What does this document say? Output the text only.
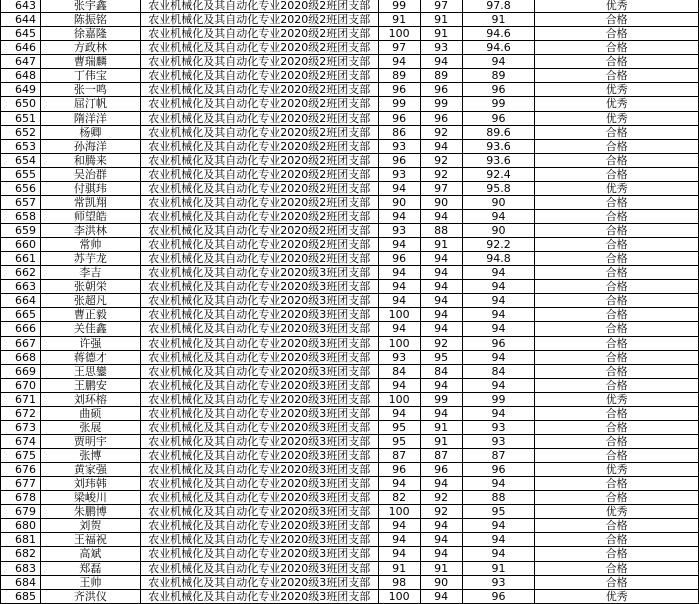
643	张宇鑫	农业机械化及其自动化专业2020级2班团支部	99	97	97.8	优秀
644	陈振铭	农业机械化及其自动化专业2020级2班团支部	91	91	91	合格
645	徐嘉隆	农业机械化及其自动化专业2020级2班团支部	100	91	94.6	合格
646	方政林	农业机械化及其自动化专业2020级2班团支部	97	93	94.6	合格
647	曹瑞麟	农业机械化及其自动化专业2020级2班团支部	94	94	94	合格
648	丁伟宝	农业机械化及其自动化专业2020级2班团支部	89	89	89	合格
649	张一鸣	农业机械化及其自动化专业2020级2班团支部	96	96	96	优秀
650	屈汀帆	农业机械化及其自动化专业2020级2班团支部	99	99	99	优秀
651	隋洋洋	农业机械化及其自动化专业2020级2班团支部	96	96	96	优秀
652	杨卿	农业机械化及其自动化专业2020级2班团支部	86	92	89.6	合格
653	孙海洋	农业机械化及其自动化专业2020级2班团支部	93	94	93.6	合格
654	和腾来	农业机械化及其自动化专业2020级2班团支部	96	92	93.6	合格
655	吴治群	农业机械化及其自动化专业2020级2班团支部	93	92	92.4	合格
656	付骐玮	农业机械化及其自动化专业2020级2班团支部	94	97	95.8	优秀
657	常凯翔	农业机械化及其自动化专业2020级2班团支部	90	90	90	合格
658	师望皓	农业机械化及其自动化专业2020级2班团支部	94	94	94	合格
659	李洪林	农业机械化及其自动化专业2020级2班团支部	93	88	90	合格
660	常帅	农业机械化及其自动化专业2020级2班团支部	94	91	92.2	合格
661	苏芋龙	农业机械化及其自动化专业2020级2班团支部	96	94	94.8	合格
662	李吉	农业机械化及其自动化专业2020级3班团支部	94	94	94	合格
663	张朝栄	农业机械化及其自动化专业2020级3班团支部	94	94	94	合格
664	张超凡	农业机械化及其自动化专业2020级3班团支部	94	94	94	合格
665	曹正毅	农业机械化及其自动化专业2020级3班团支部	100	94	94	合格
666	关佳鑫	农业机械化及其自动化专业2020级3班团支部	94	94	94	合格
667	许强	农业机械化及其自动化专业2020级3班团支部	100	92	96	合格
668	蒋德才	农业机械化及其自动化专业2020级3班团支部	93	95	94	合格
669	王思鑾	农业机械化及其自动化专业2020级3班团支部	84	84	84	合格
670	王鹏安	农业机械化及其自动化专业2020级3班团支部	94	94	94	合格
671	刘环榕	农业机械化及其自动化专业2020级3班团支部	100	99	99	优秀
672	曲硕	农业机械化及其自动化专业2020级3班团支部	94	94	94	合格
673	张展	农业机械化及其自动化专业2020级3班团支部	95	91	93	合格
674	贾明宇	农业机械化及其自动化专业2020级3班团支部	95	91	93	合格
675	张博	农业机械化及其自动化专业2020级3班团支部	87	87	87	合格
676	黄家强	农业机械化及其自动化专业2020级3班团支部	96	96	96	优秀
677	刘玮韩	农业机械化及其自动化专业2020级3班团支部	94	94	94	合格
678	梁峻川	农业机械化及其自动化专业2020级3班团支部	82	92	88	合格
679	朱鹏博	农业机械化及其自动化专业2020级3班团支部	100	92	95	优秀
680	刘贺	农业机械化及其自动化专业2020级3班团支部	94	94	94	合格
681	王福祝	农业机械化及其自动化专业2020级3班团支部	94	94	94	合格
682	高斌	农业机械化及其自动化专业2020级3班团支部	94	94	94	合格
683	郑磊	农业机械化及其自动化专业2020级3班团支部	91	91	91	合格
684	王帅	农业机械化及其自动化专业2020级3班团支部	98	90	93	合格
685	齐洪仪	农业机械化及其自动化专业2020级3班团支部	100	94	96	优秀
